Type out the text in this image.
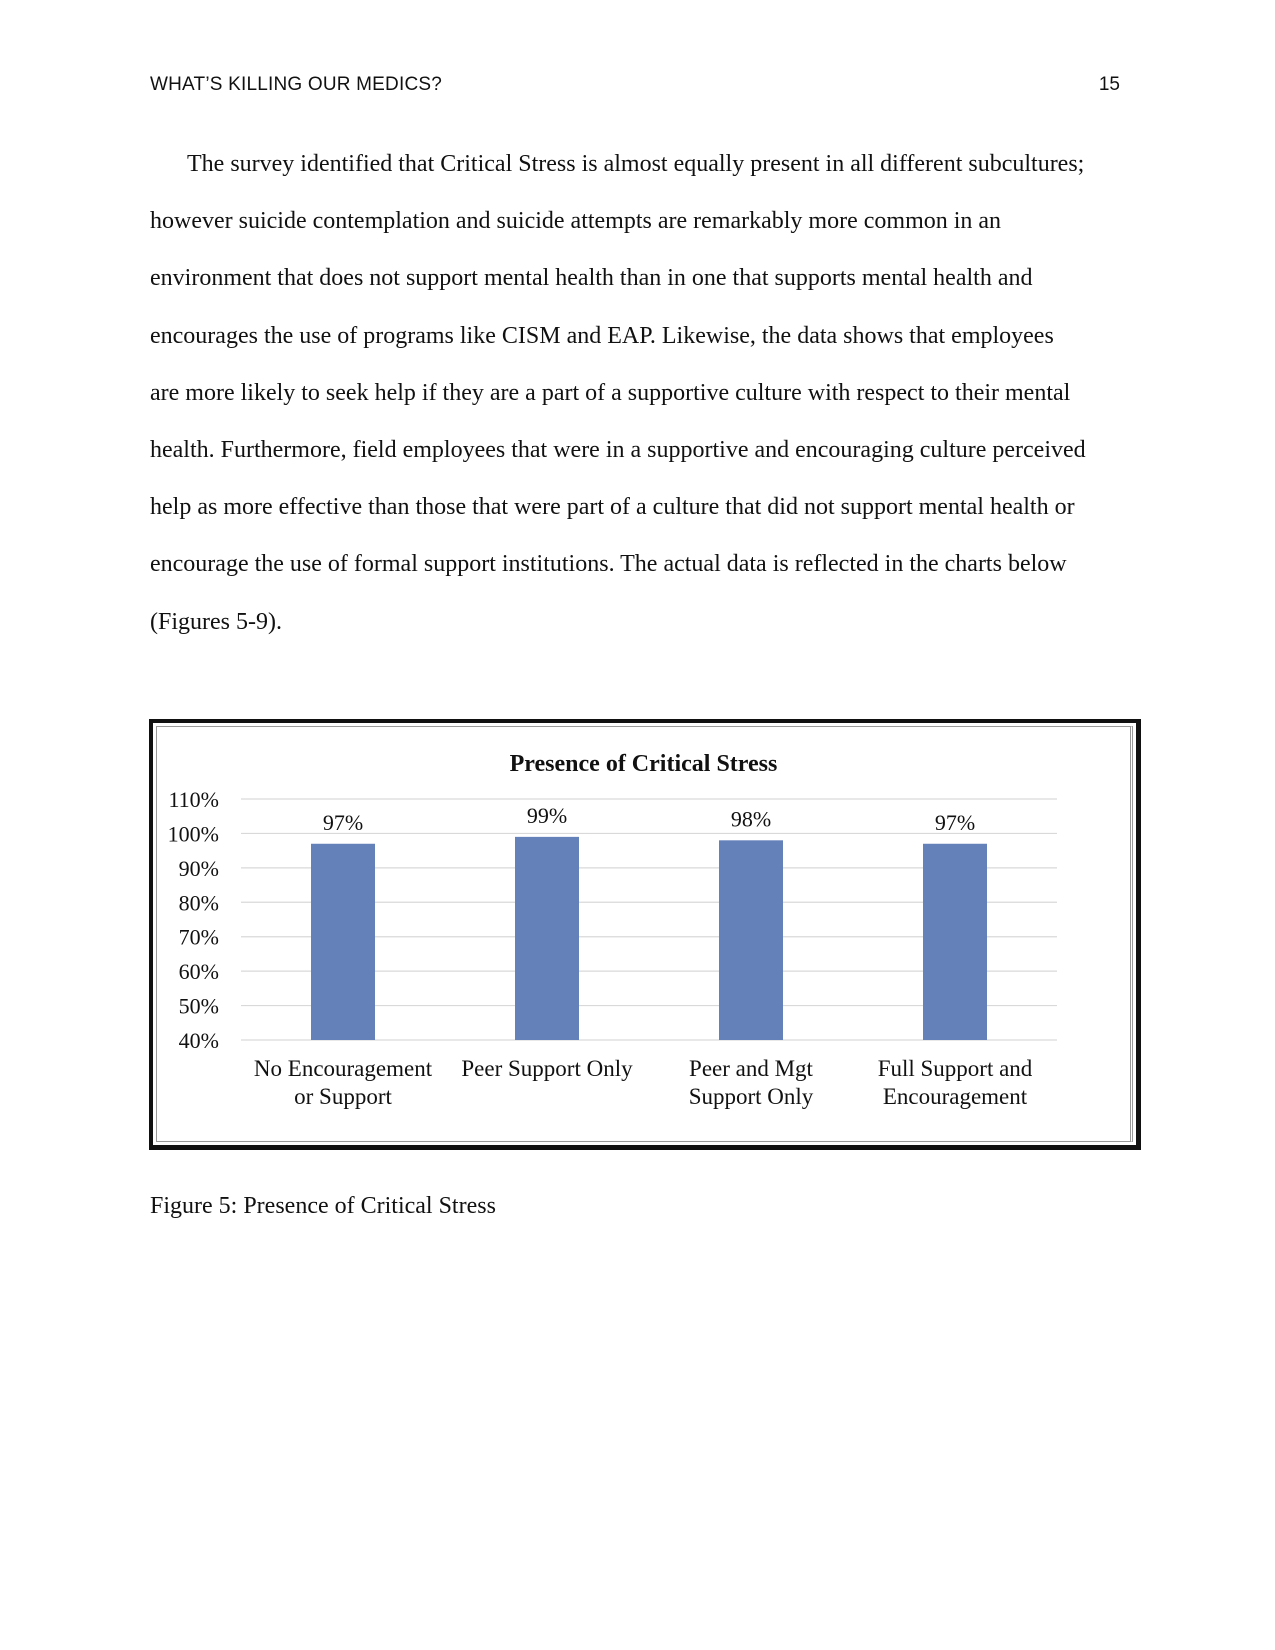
WHAT’S KILLING OUR MEDICS?	15

The survey identified that Critical Stress is almost equally present in all different subcultures;
however suicide contemplation and suicide attempts are remarkably more common in an
environment that does not support mental health than in one that supports mental health and
encourages the use of programs like CISM and EAP. Likewise, the data shows that employees
are more likely to seek help if they are a part of a supportive culture with respect to their mental
health. Furthermore, field employees that were in a supportive and encouraging culture perceived
help as more effective than those that were part of a culture that did not support mental health or
encourage the use of formal support institutions. The actual data is reflected in the charts below
(Figures 5-9).

Presence of Critical Stress
40%
50%
60%
70%
80%
90%
100%
110%
97%
No Encouragement
or Support
99%
Peer Support Only
98%
Peer and Mgt
Support Only
97%
Full Support and
Encouragement
Figure 5: Presence of Critical Stress
